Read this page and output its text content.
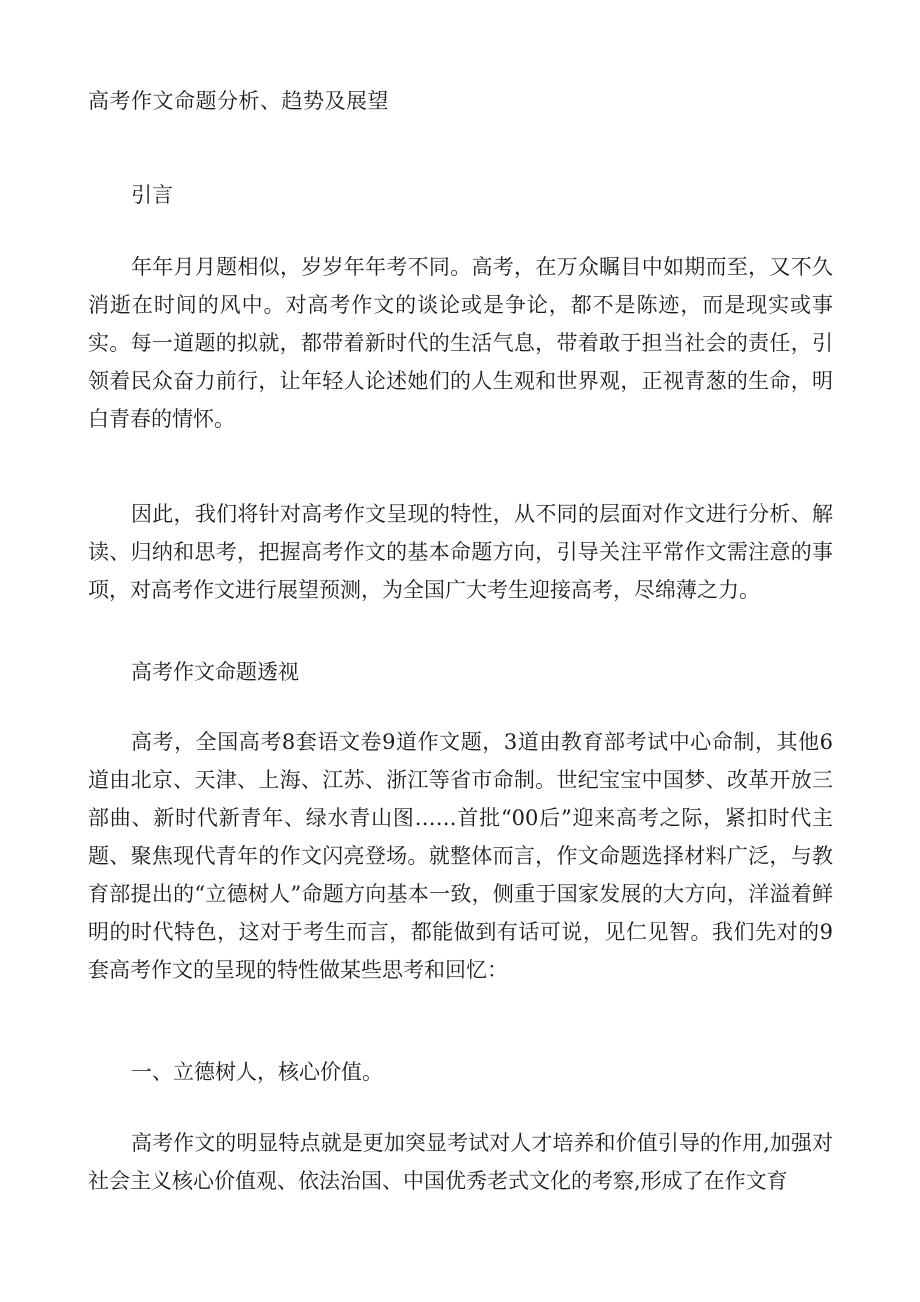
高考作文命题分析、趋势及展望
引言

年年月月题相似，岁岁年年考不同。高考，在万众瞩目中如期而至，又不久消逝在时间的风中。对高考作文的谈论或是争论，都不是陈迹，而是现实或事实。每一道题的拟就，都带着新时代的生活气息，带着敢于担当社会的责任，引领着民众奋力前行，让年轻人论述她们的人生观和世界观，正视青葱的生命，明白青春的情怀。

因此，我们将针对高考作文呈现的特性，从不同的层面对作文进行分析、解读、归纳和思考，把握高考作文的基本命题方向，引导关注平常作文需注意的事项，对高考作文进行展望预测，为全国广大考生迎接高考，尽绵薄之力。

高考作文命题透视

高考，全国高考8套语文卷9道作文题，3道由教育部考试中心命制，其他6道由北京、天津、上海、江苏、浙江等省市命制。世纪宝宝中国梦、改革开放三部曲、新时代新青年、绿水青山图……首批“00后”迎来高考之际，紧扣时代主题、聚焦现代青年的作文闪亮登场。就整体而言，作文命题选择材料广泛，与教育部提出的“立德树人”命题方向基本一致，侧重于国家发展的大方向，洋溢着鲜明的时代特色，这对于考生而言，都能做到有话可说，见仁见智。我们先对的9套高考作文的呈现的特性做某些思考和回忆：

一、立德树人，核心价值。

高考作文的明显特点就是更加突显考试对人才培养和价值引导的作用,加强对社会主义核心价值观、依法治国、中国优秀老式文化的考察,形成了在作文育
